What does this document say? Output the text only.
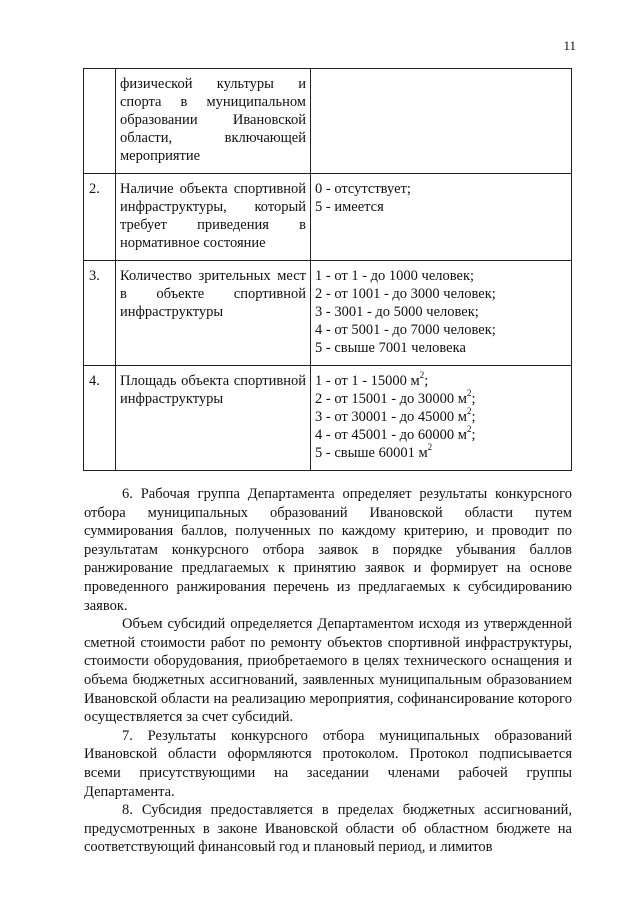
11
	физической культуры и спорта в муниципальном образовании Ивановской области, включающей мероприятие	
2.	Наличие объекта спортивной инфраструктуры, который требует приведения в нормативное состояние	0 - отсутствует;
5 - имеется

3.	Количество зрительных мест в объекте спортивной инфраструктуры	1 - от 1 - до 1000 человек;
2 - от 1001 - до 3000 человек;
3 - 3001 - до 5000 человек;
4 - от 5001 - до 7000 человек;
5 - свыше 7001 человека

4.	Площадь объекта спортивной инфраструктуры	1 - от 1 - 15000 $м^2$;
2 - от 15001 - до 30000 $м^2$;
3 - от 30001 - до 45000 $м^2$;
4 - от 45001 - до 60000 $м^2$;
5 - свыше 60001 $м^2$

6. Рабочая группа Департамента определяет результаты конкурсного отбора муниципальных образований Ивановской области путем суммирования баллов, полученных по каждому критерию, и проводит по результатам конкурсного отбора заявок в порядке убывания баллов ранжирование предлагаемых к принятию заявок и формирует на основе проведенного ранжирования перечень из предлагаемых к субсидированию заявок.

Объем субсидий определяется Департаментом исходя из утвержденной сметной стоимости работ по ремонту объектов спортивной инфраструктуры, стоимости оборудования, приобретаемого в целях технического оснащения и объема бюджетных ассигнований, заявленных муниципальным образованием Ивановской области на реализацию мероприятия, софинансирование которого осуществляется за счет субсидий.

7. Результаты конкурсного отбора муниципальных образований Ивановской области оформляются протоколом. Протокол подписывается всеми присутствующими на заседании членами рабочей группы Департамента.

8. Субсидия предоставляется в пределах бюджетных ассигнований, предусмотренных в законе Ивановской области об областном бюджете на соответствующий финансовый год и плановый период, и лимитов
